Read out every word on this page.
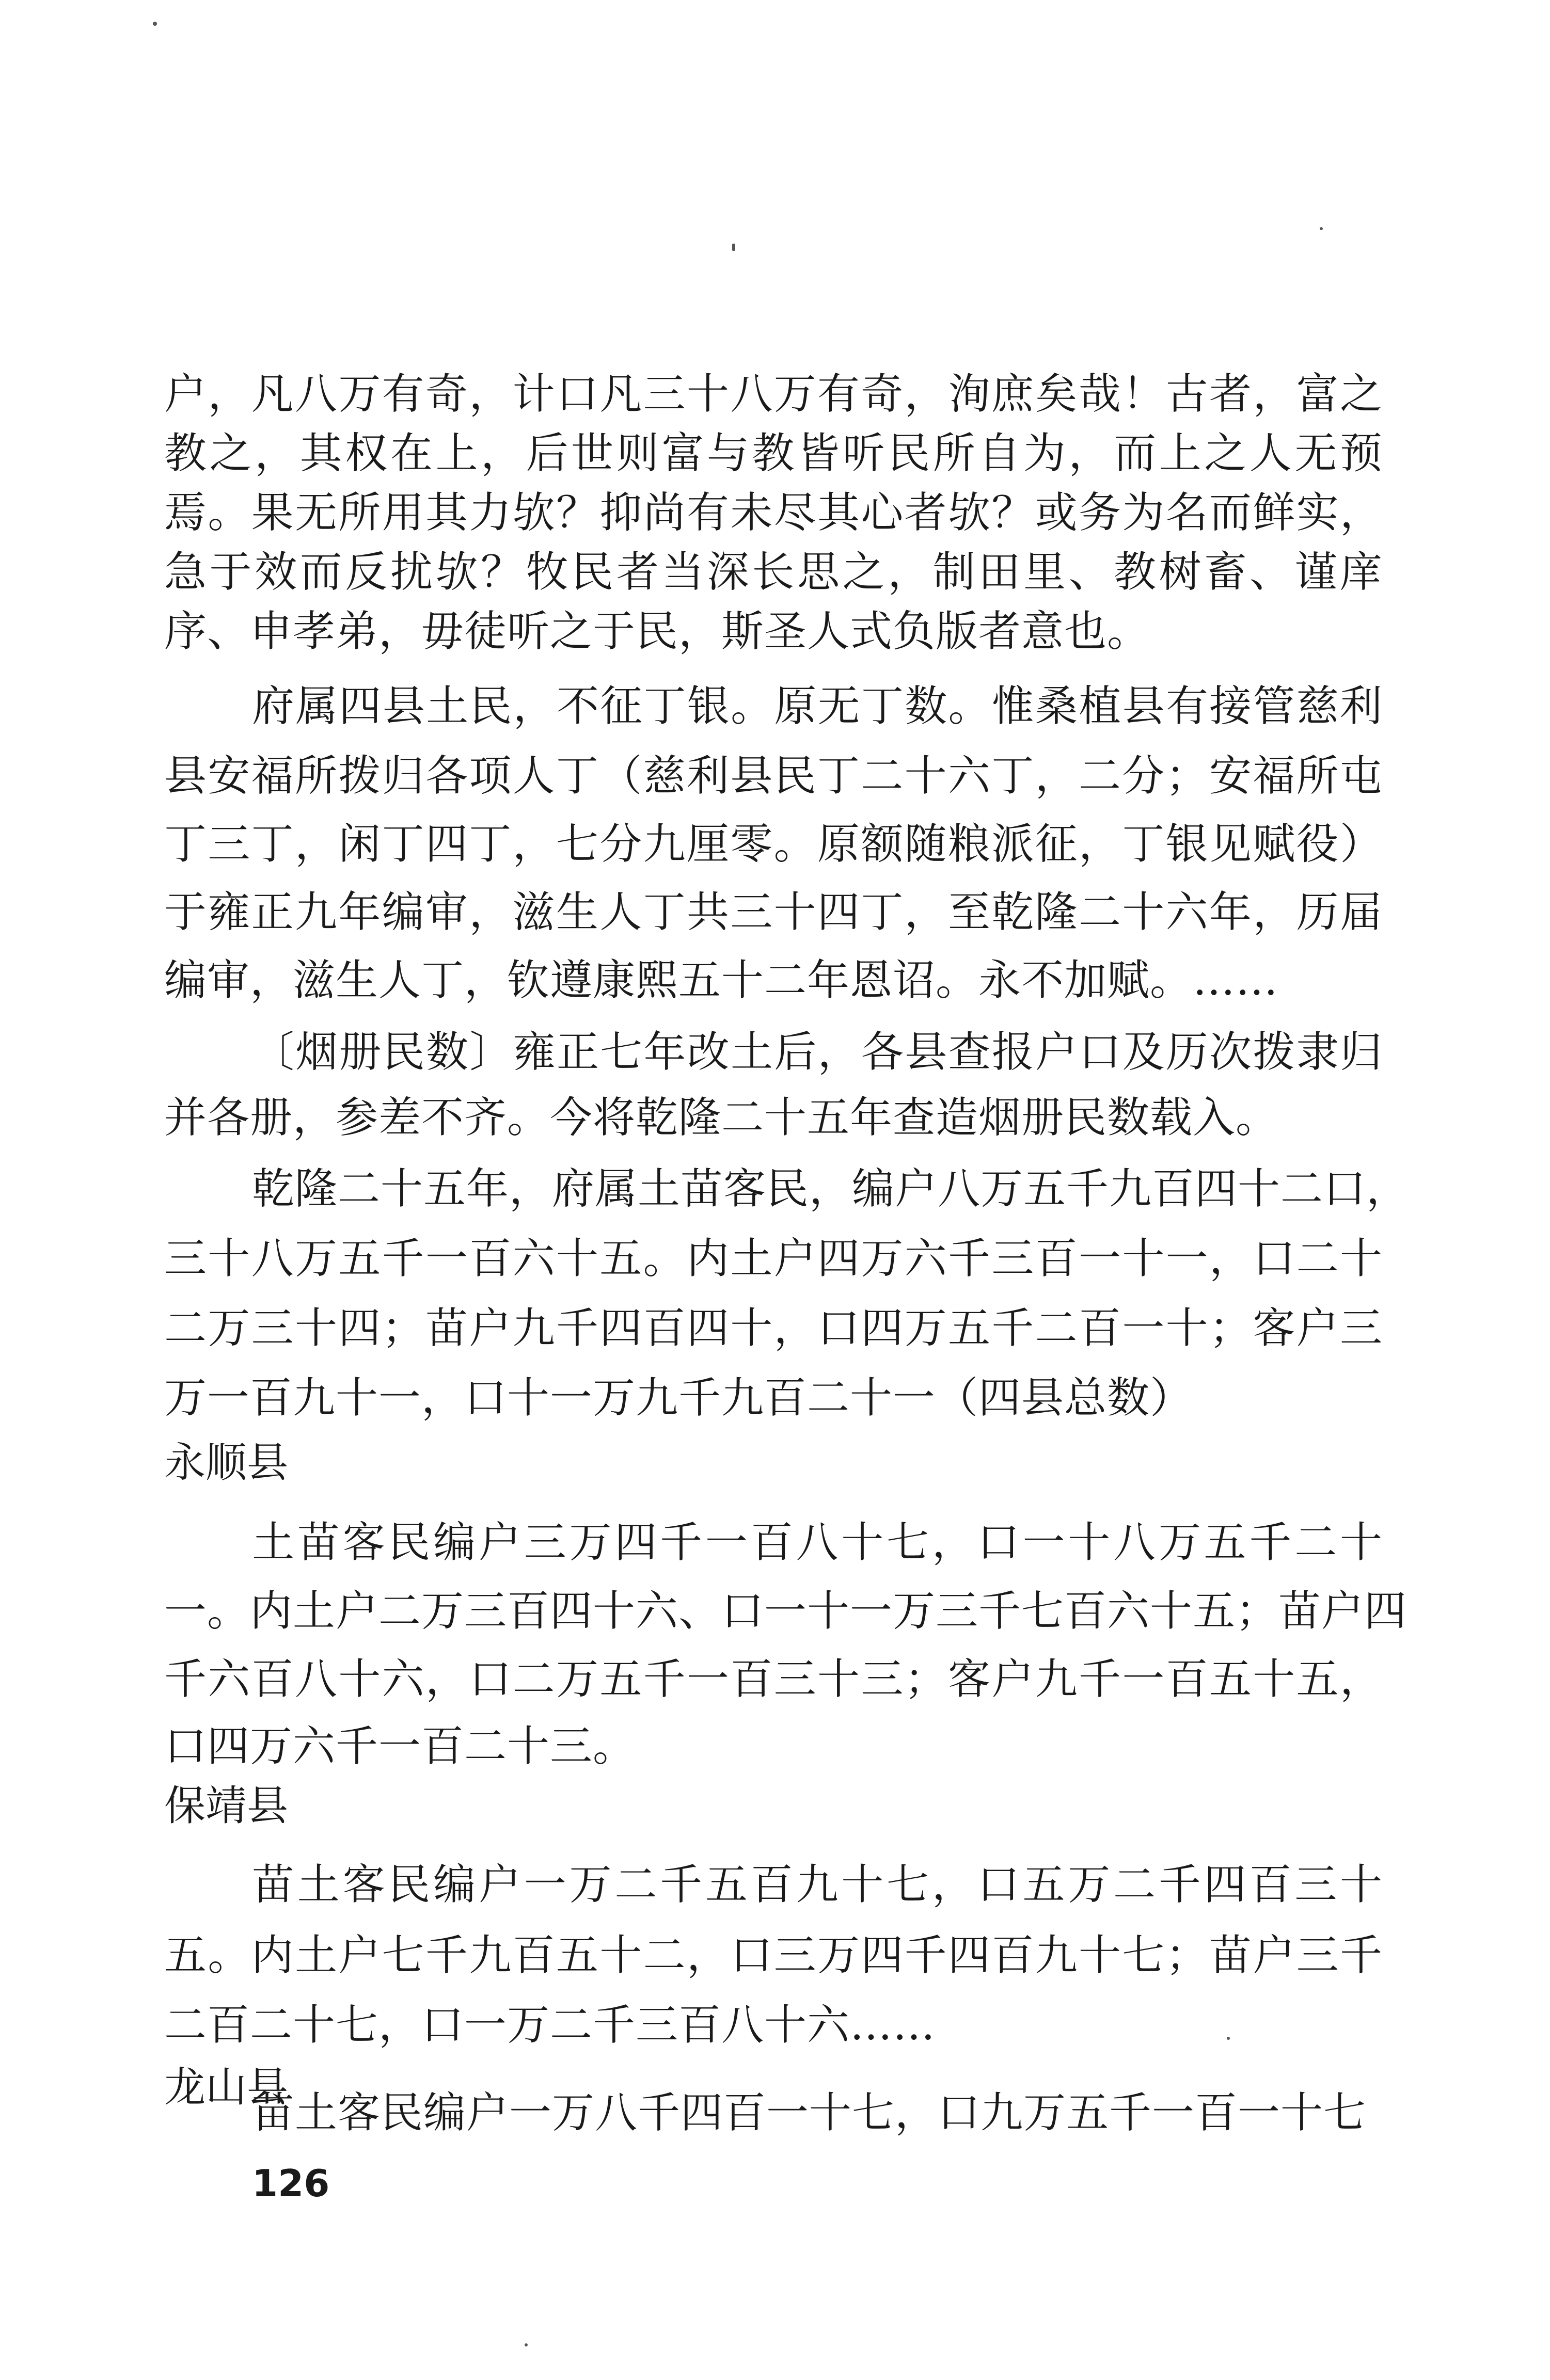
户，凡八万有奇，计口凡三十八万有奇，洵庶矣哉！古者，富之
教之，其权在上，后世则富与教皆听民所自为，而上之人无预
焉。果无所用其力欤？抑尚有未尽其心者欤？或务为名而鲜实，
急于效而反扰欤？牧民者当深长思之，制田里、教树畜、谨庠
序、申孝弟，毋徒听之于民，斯圣人式负版者意也。
府属四县土民，不征丁银。原无丁数。惟桑植县有接管慈利
县安福所拨归各项人丁（慈利县民丁二十六丁，二分；安福所屯
丁三丁，闲丁四丁，七分九厘零。原额随粮派征，丁银见赋役）
于雍正九年编审，滋生人丁共三十四丁，至乾隆二十六年，历届
编审，滋生人丁，钦遵康熙五十二年恩诏。永不加赋。……
〔烟册民数〕雍正七年改土后，各县查报户口及历次拨隶归
并各册，参差不齐。今将乾隆二十五年查造烟册民数载入。
乾隆二十五年，府属土苗客民，编户八万五千九百四十二口，
三十八万五千一百六十五。内土户四万六千三百一十一，口二十
二万三十四；苗户九千四百四十，口四万五千二百一十；客户三
万一百九十一，口十一万九千九百二十一（四县总数）
永顺县
土苗客民编户三万四千一百八十七，口一十八万五千二十
一。内土户二万三百四十六、口一十一万三千七百六十五；苗户四
千六百八十六，口二万五千一百三十三；客户九千一百五十五，
口四万六千一百二十三。
保靖县
苗土客民编户一万二千五百九十七，口五万二千四百三十
五。内土户七千九百五十二，口三万四千四百九十七；苗户三千
二百二十七，口一万二千三百八十六……
龙山县
苗土客民编户一万八千四百一十七，口九万五千一百一十七
126
